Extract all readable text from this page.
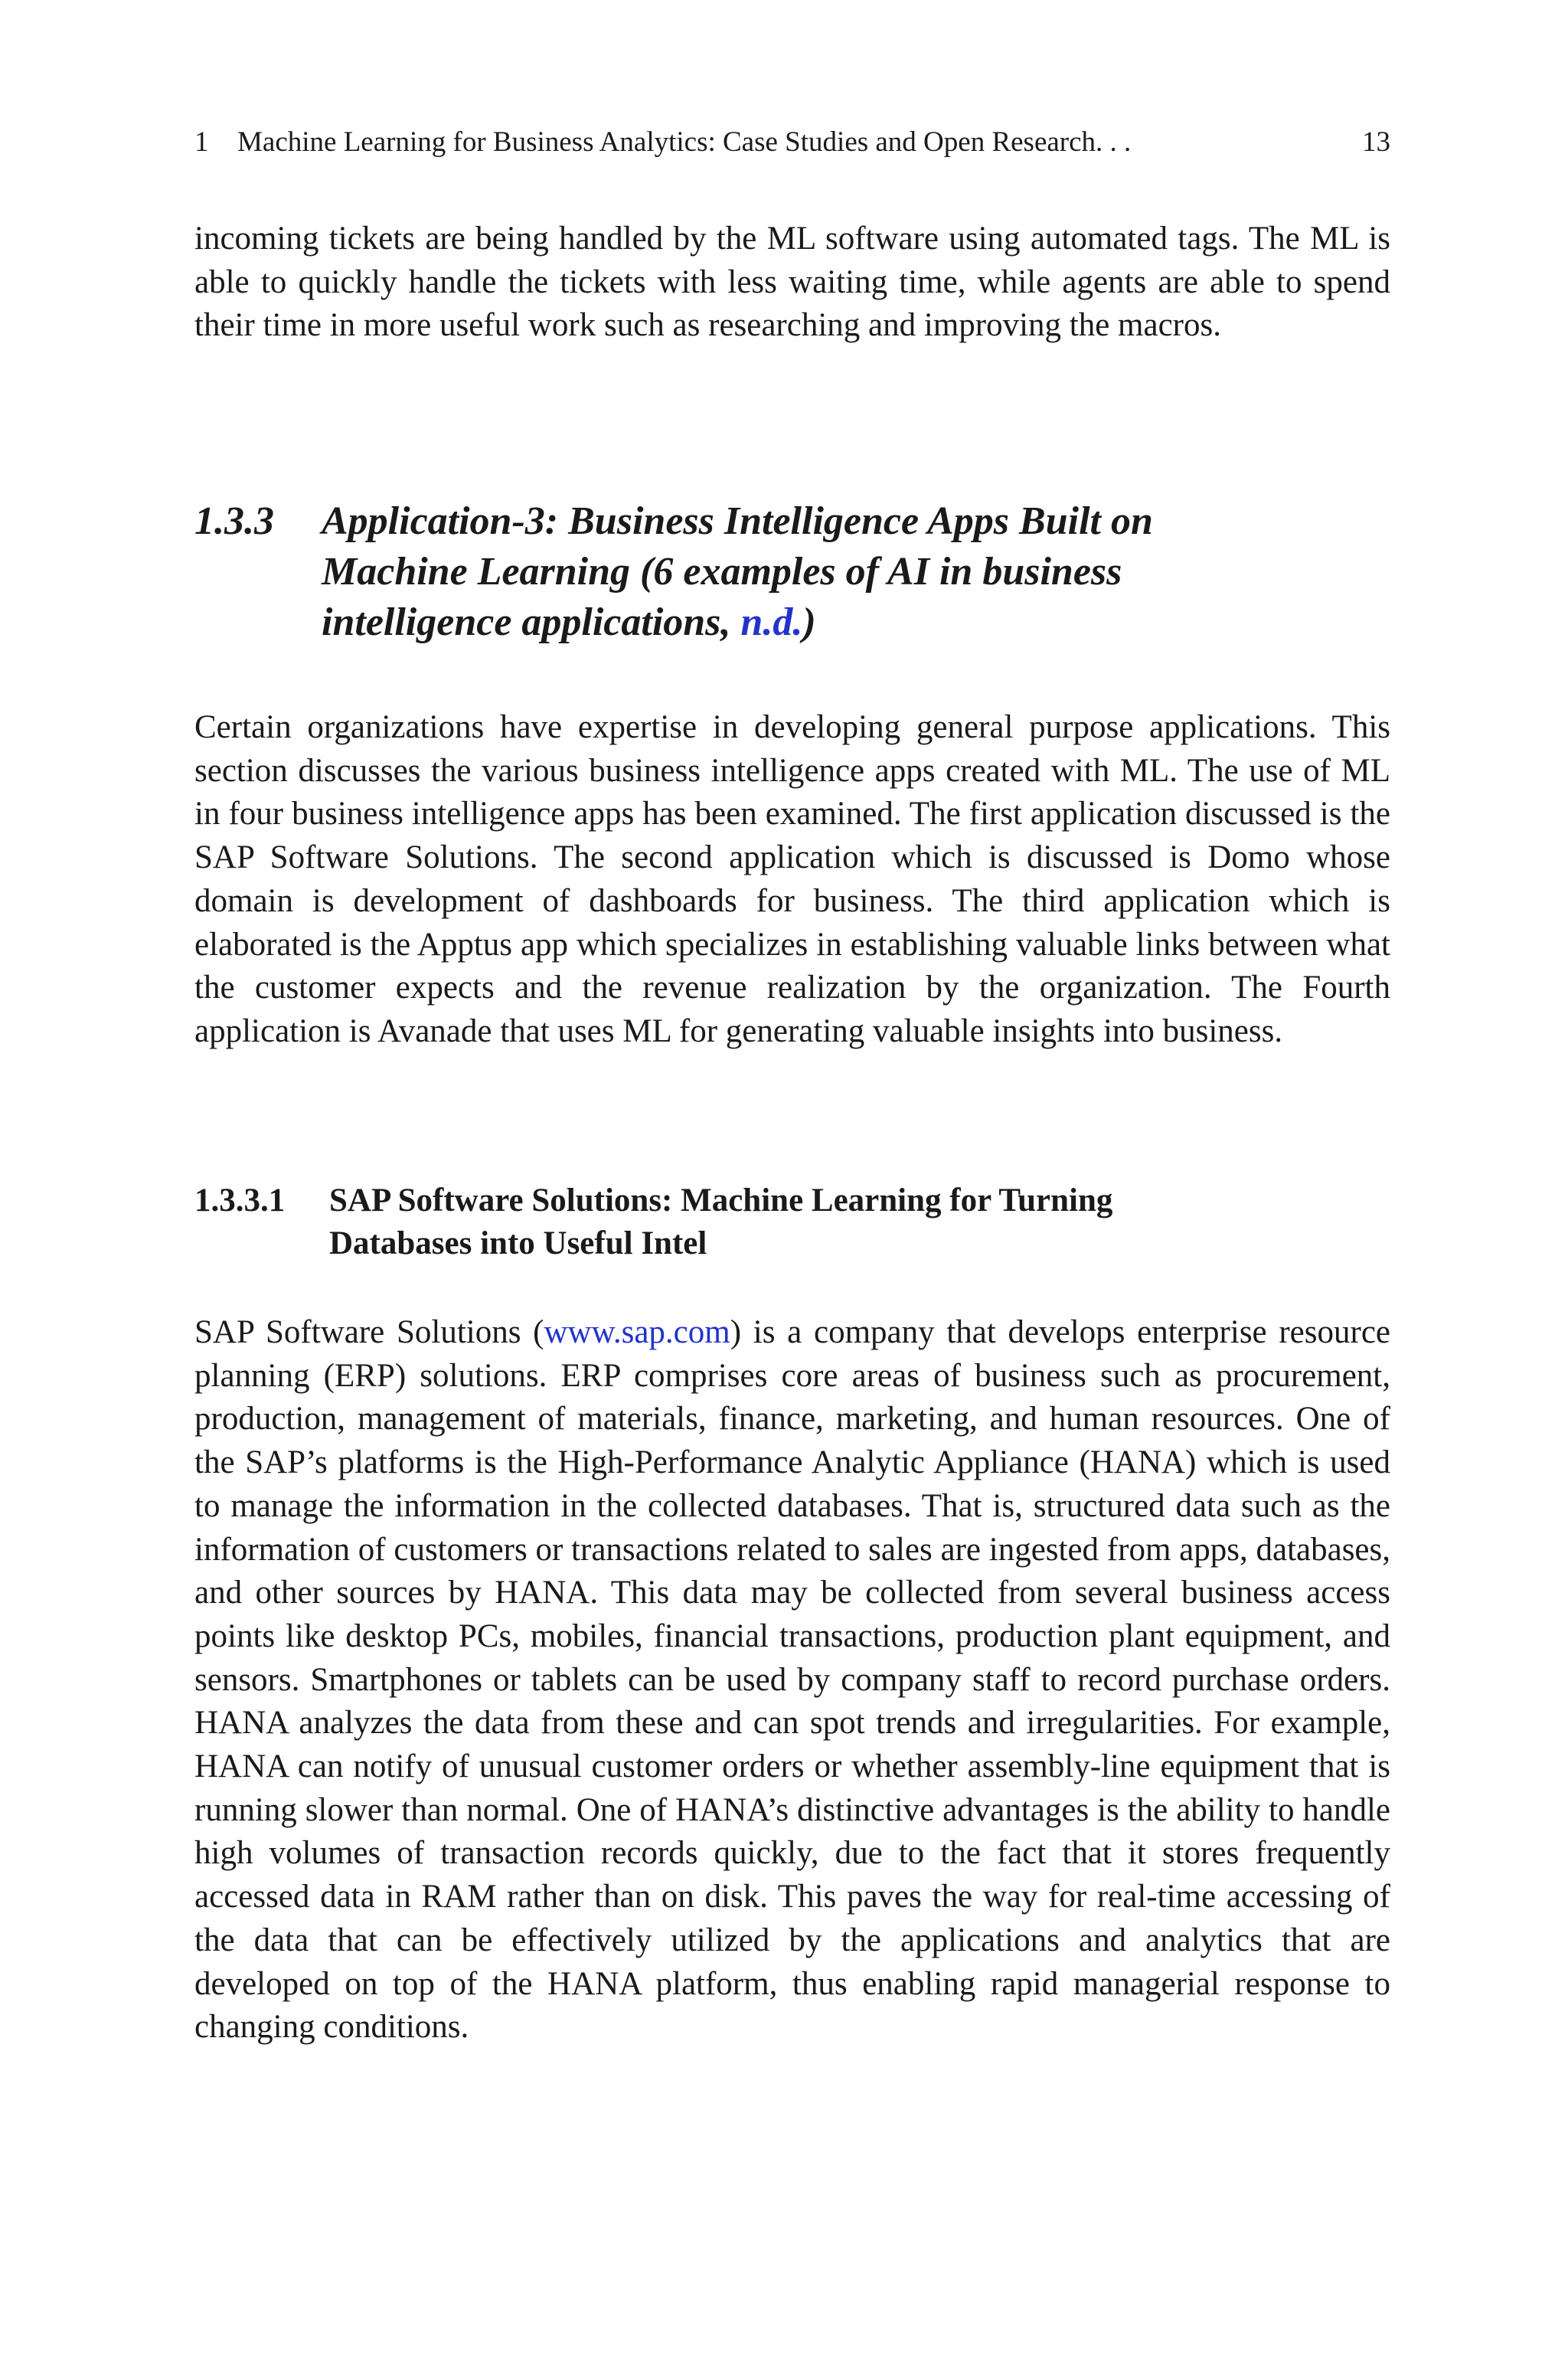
1 Machine Learning for Business Analytics: Case Studies and Open Research. . .	13

incoming tickets are being handled by the ML software using automated tags. The ML is able to quickly handle the tickets with less waiting time, while agents are able to spend their time in more useful work such as researching and improving the macros.

1.3.3 Application-3: Business Intelligence Apps Built on Machine Learning (6 examples of AI in business intelligence applications, n.d.)

Certain organizations have expertise in developing general purpose applications. This section discusses the various business intelligence apps created with ML. The use of ML in four business intelligence apps has been examined. The first application discussed is the SAP Software Solutions. The second application which is discussed is Domo whose domain is development of dashboards for business. The third application which is elaborated is the Apptus app which specializes in establishing valuable links between what the customer expects and the revenue realization by the organization. The Fourth application is Avanade that uses ML for generating valuable insights into business.

1.3.3.1 SAP Software Solutions: Machine Learning for Turning Databases into Useful Intel

SAP Software Solutions (www.sap.com) is a company that develops enterprise resource planning (ERP) solutions. ERP comprises core areas of business such as procurement, production, management of materials, finance, marketing, and human resources. One of the SAP’s platforms is the High-Performance Analytic Appliance (HANA) which is used to manage the information in the collected databases. That is, structured data such as the information of customers or transactions related to sales are ingested from apps, databases, and other sources by HANA. This data may be collected from several business access points like desktop PCs, mobiles, financial transactions, production plant equipment, and sensors. Smartphones or tablets can be used by company staff to record purchase orders. HANA analyzes the data from these and can spot trends and irregularities. For example, HANA can notify of unusual customer orders or whether assembly-line equipment that is running slower than normal. One of HANA’s distinctive advantages is the ability to handle high volumes of transaction records quickly, due to the fact that it stores frequently accessed data in RAM rather than on disk. This paves the way for real-time accessing of the data that can be effectively utilized by the applications and analytics that are developed on top of the HANA platform, thus enabling rapid managerial response to changing conditions.
